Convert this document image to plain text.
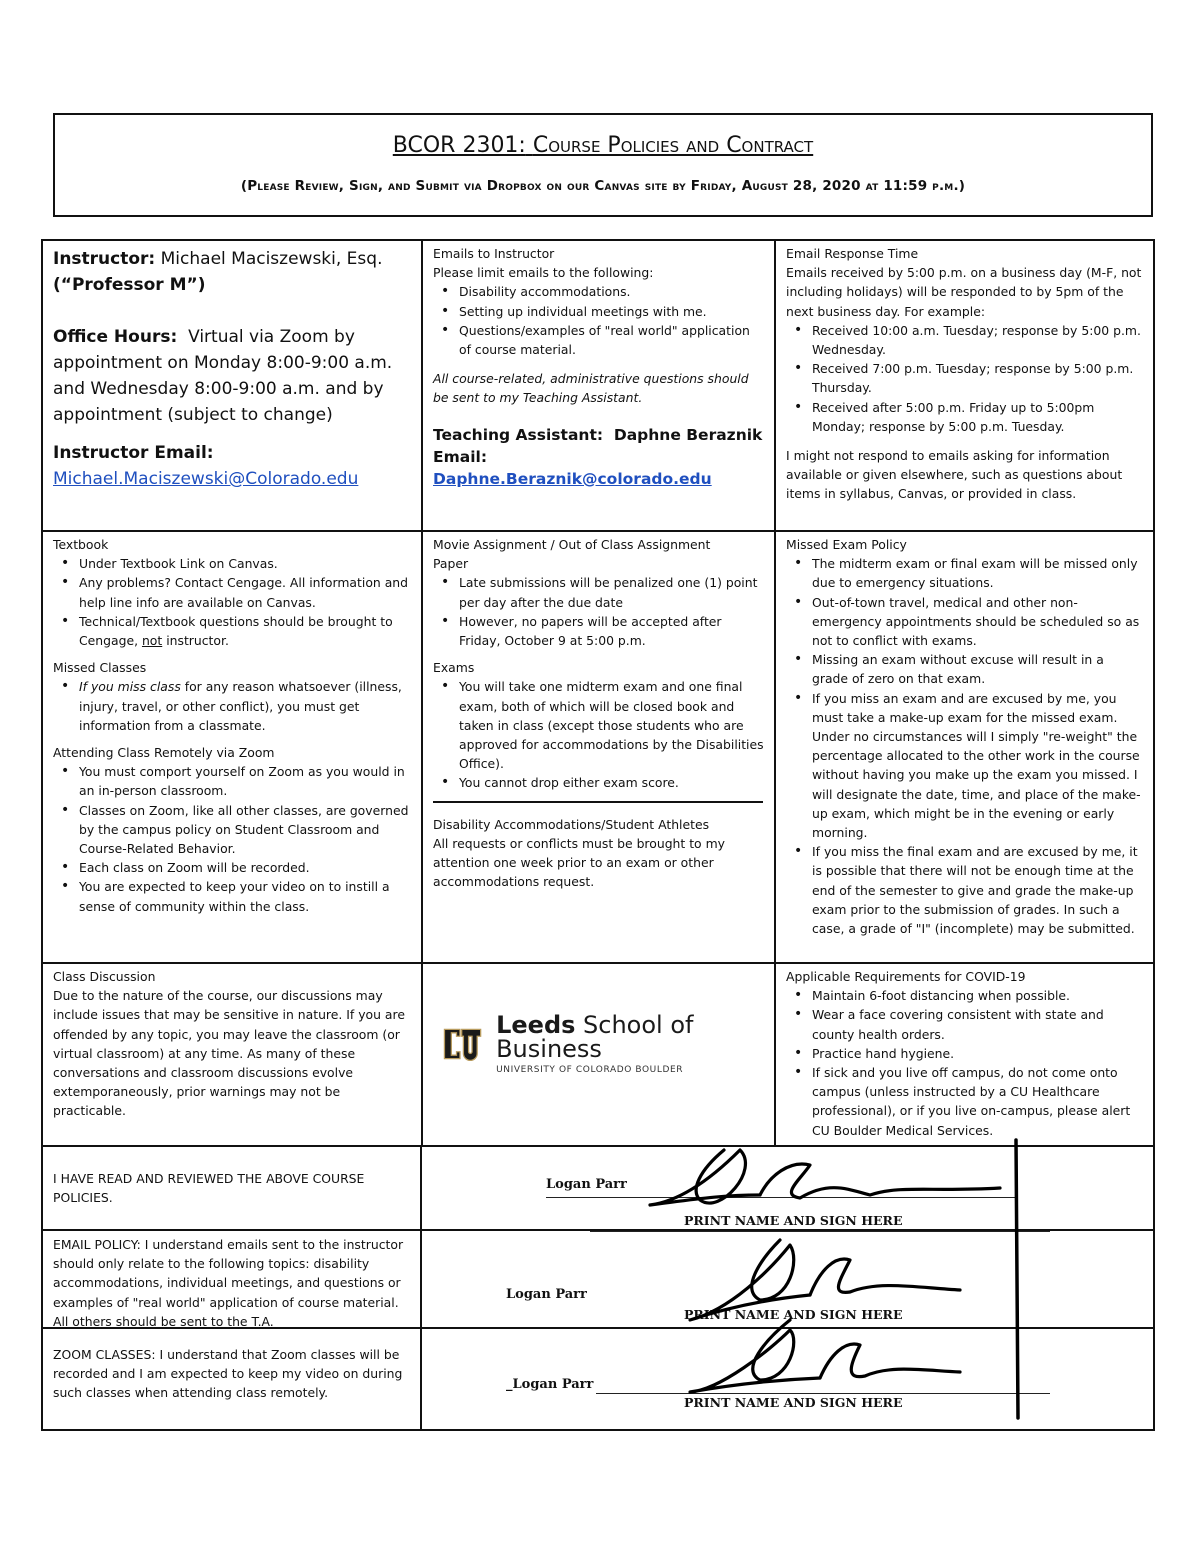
BCOR 2301: Course Policies and Contract
(Please Review, Sign, and Submit via Dropbox on our Canvas site by Friday, August 28, 2020 at 11:59 p.m.)
Instructor: Michael Maciszewski, Esq.
(“Professor M”)
Office Hours: Virtual via Zoom by appointment on Monday 8:00-9:00 a.m. and Wednesday 8:00-9:00 a.m. and by appointment (subject to change)
Instructor Email:
Michael.Maciszewski@Colorado.edu
Emails to Instructor
Please limit emails to the following:
• Disability accommodations.
• Setting up individual meetings with me.
• Questions/examples of "real world" application of course material.
All course-related, administrative questions should be sent to my Teaching Assistant.
Teaching Assistant: Daphne Beraznik
Email:  Daphne.Beraznik@colorado.edu
Email Response Time
Emails received by 5:00 p.m. on a business day (M-F, not including holidays) will be responded to by 5pm of the next business day. For example:
• Received 10:00 a.m. Tuesday; response by 5:00 p.m. Wednesday.
• Received 7:00 p.m. Tuesday; response by 5:00 p.m. Thursday.
• Received after 5:00 p.m. Friday up to 5:00pm Monday; response by 5:00 p.m. Tuesday.
I might not respond to emails asking for information available or given elsewhere, such as questions about items in syllabus, Canvas, or provided in class.
Textbook
• Under Textbook Link on Canvas.
• Any problems? Contact Cengage. All information and help line info are available on Canvas.
• Technical/Textbook questions should be brought to Cengage, not instructor.
Missed Classes
• If you miss class for any reason whatsoever (illness, injury, travel, or other conflict), you must get information from a classmate.
Attending Class Remotely via Zoom
• You must comport yourself on Zoom as you would in an in-person classroom.
• Classes on Zoom, like all other classes, are governed by the campus policy on Student Classroom and Course-Related Behavior.
• Each class on Zoom will be recorded.
• You are expected to keep your video on to instill a sense of community within the class.
Movie Assignment / Out of Class Assignment
Paper
• Late submissions will be penalized one (1) point per day after the due date
• However, no papers will be accepted after Friday, October 9 at 5:00 p.m.
Exams
• You will take one midterm exam and one final exam, both of which will be closed book and taken in class (except those students who are approved for accommodations by the Disabilities Office).
• You cannot drop either exam score.
Disability Accommodations/Student Athletes
All requests or conflicts must be brought to my attention one week prior to an exam or other accommodations request.
Missed Exam Policy
• The midterm exam or final exam will be missed only due to emergency situations.
• Out-of-town travel, medical and other non-emergency appointments should be scheduled so as not to conflict with exams.
• Missing an exam without excuse will result in a grade of zero on that exam.
• If you miss an exam and are excused by me, you must take a make-up exam for the missed exam. Under no circumstances will I simply "re-weight" the percentage allocated to the other work in the course without having you make up the exam you missed. I will designate the date, time, and place of the make-up exam, which might be in the evening or early morning.
• If you miss the final exam and are excused by me, it is possible that there will not be enough time at the end of the semester to give and grade the make-up exam prior to the submission of grades. In such a case, a grade of "I" (incomplete) may be submitted.
Class Discussion
Due to the nature of the course, our discussions may include issues that may be sensitive in nature. If you are offended by any topic, you may leave the classroom (or virtual classroom) at any time. As many of these conversations and classroom discussions evolve extemporaneously, prior warnings may not be practicable.
Leeds School of Business
UNIVERSITY OF COLORADO BOULDER
Applicable Requirements for COVID-19
• Maintain 6-foot distancing when possible.
• Wear a face covering consistent with state and county health orders.
• Practice hand hygiene.
• If sick and you live off campus, do not come onto campus (unless instructed by a CU Healthcare professional), or if you live on-campus, please alert CU Boulder Medical Services.
I HAVE READ AND REVIEWED THE ABOVE COURSE POLICIES.
Logan Parr
PRINT NAME AND SIGN HERE
EMAIL POLICY: I understand emails sent to the instructor should only relate to the following topics: disability accommodations, individual meetings, and questions or examples of "real world" application of course material. All others should be sent to the T.A.
Logan Parr
PRINT NAME AND SIGN HERE
ZOOM CLASSES: I understand that Zoom classes will be recorded and I am expected to keep my video on during such classes when attending class remotely.
_Logan Parr
PRINT NAME AND SIGN HERE
